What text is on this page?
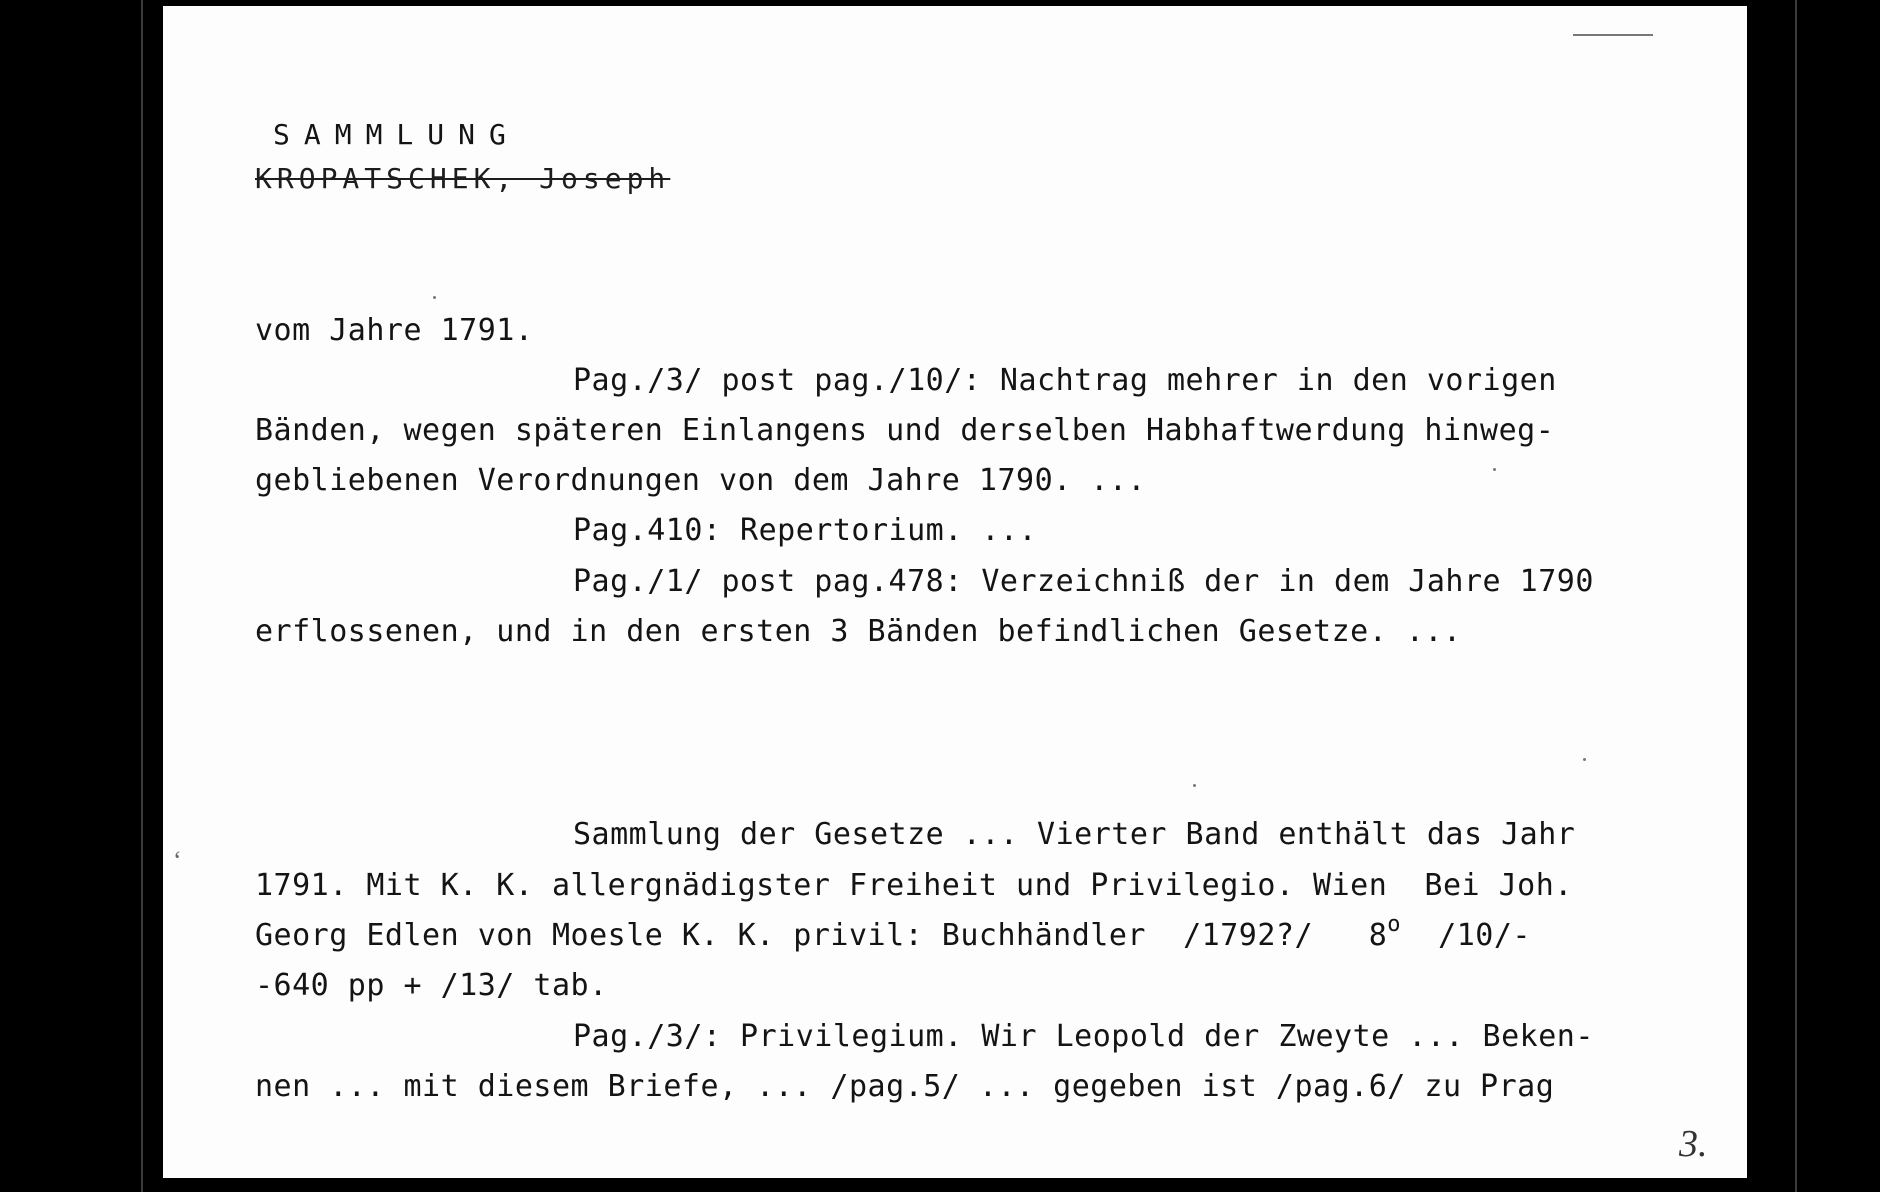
SAMMLUNG

KROPATSCHEK, Joseph

vom Jahre 1791.

Pag./3/ post pag./10/: Nachtrag mehrer in den vorigen

Bänden, wegen späteren Einlangens und derselben Habhaftwerdung hinweg-

gebliebenen Verordnungen von dem Jahre 1790. ...

Pag.410: Repertorium. ...

Pag./1/ post pag.478: Verzeichniß der in dem Jahre 1790

erflossenen, und in den ersten 3 Bänden befindlichen Gesetze. ...

Sammlung der Gesetze ... Vierter Band enthält das Jahr

1791. Mit K. K. allergnädigster Freiheit und Privilegio. Wien  Bei Joh.

Georg Edlen von Moesle K. K. privil: Buchhändler  /1792?/   8$^o$  /10/-

-640 pp + /13/ tab.

Pag./3/: Privilegium. Wir Leopold der Zweyte ... Beken-

nen ... mit diesem Briefe, ... /pag.5/ ... gegeben ist /pag.6/ zu Prag

3.
‘
